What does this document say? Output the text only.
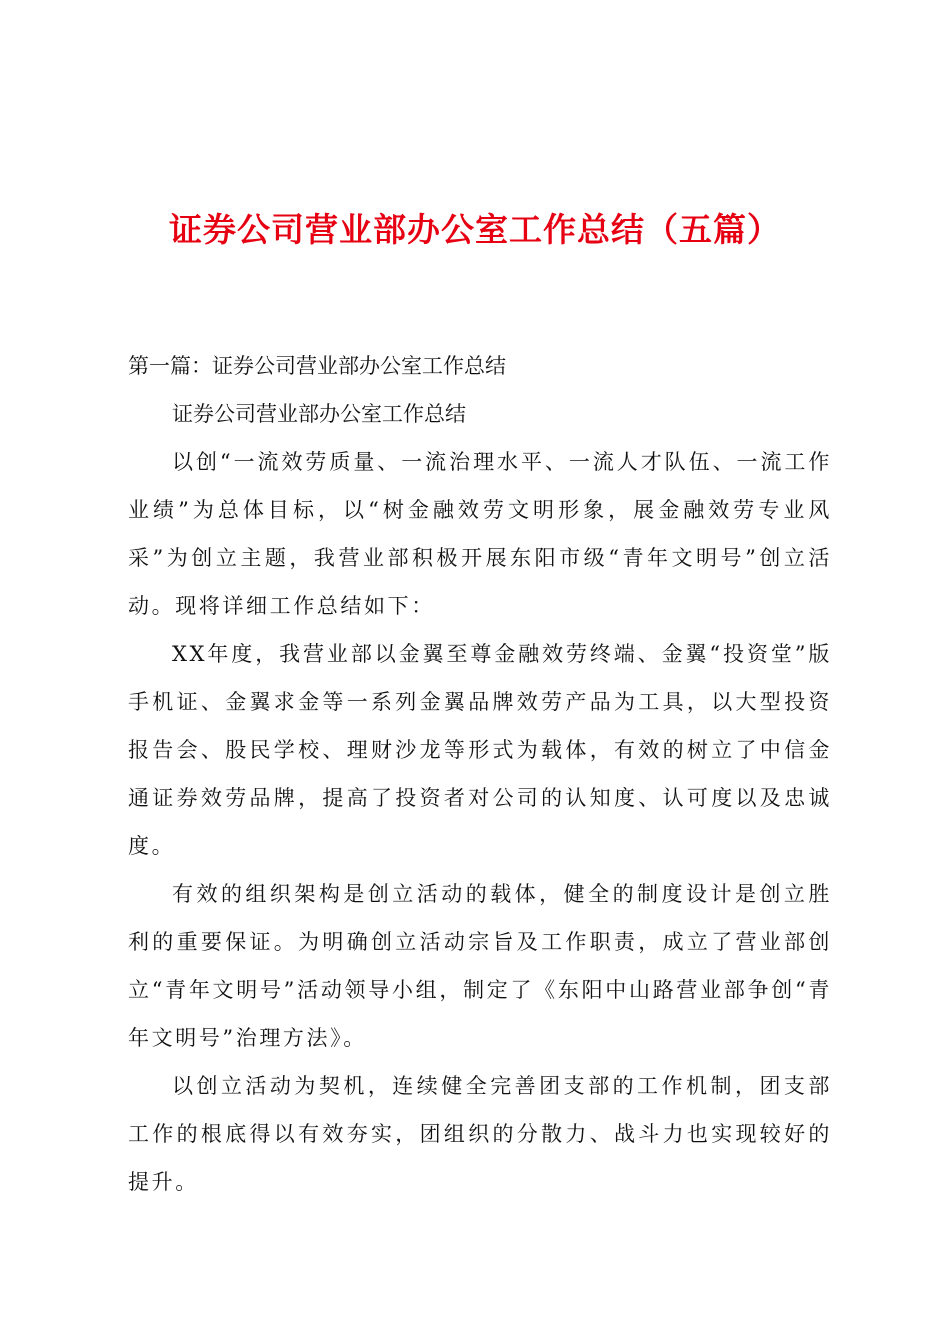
证券公司营业部办公室工作总结（五篇）
第一篇：证券公司营业部办公室工作总结
证券公司营业部办公室工作总结

以创“一流效劳质量、一流治理水平、一流人才队伍、一流工作业绩”为总体目标，以“树金融效劳文明形象，展金融效劳专业风采”为创立主题，我营业部积极开展东阳市级“青年文明号”创立活动。现将详细工作总结如下：

XX年度，我营业部以金翼至尊金融效劳终端、金翼“投资堂”版手机证、金翼求金等一系列金翼品牌效劳产品为工具，以大型投资报告会、股民学校、理财沙龙等形式为载体，有效的树立了中信金通证券效劳品牌，提高了投资者对公司的认知度、认可度以及忠诚度。

有效的组织架构是创立活动的载体，健全的制度设计是创立胜利的重要保证。为明确创立活动宗旨及工作职责，成立了营业部创立“青年文明号”活动领导小组，制定了《东阳中山路营业部争创“青年文明号”治理方法》。

以创立活动为契机，连续健全完善团支部的工作机制，团支部工作的根底得以有效夯实，团组织的分散力、战斗力也实现较好的提升。
